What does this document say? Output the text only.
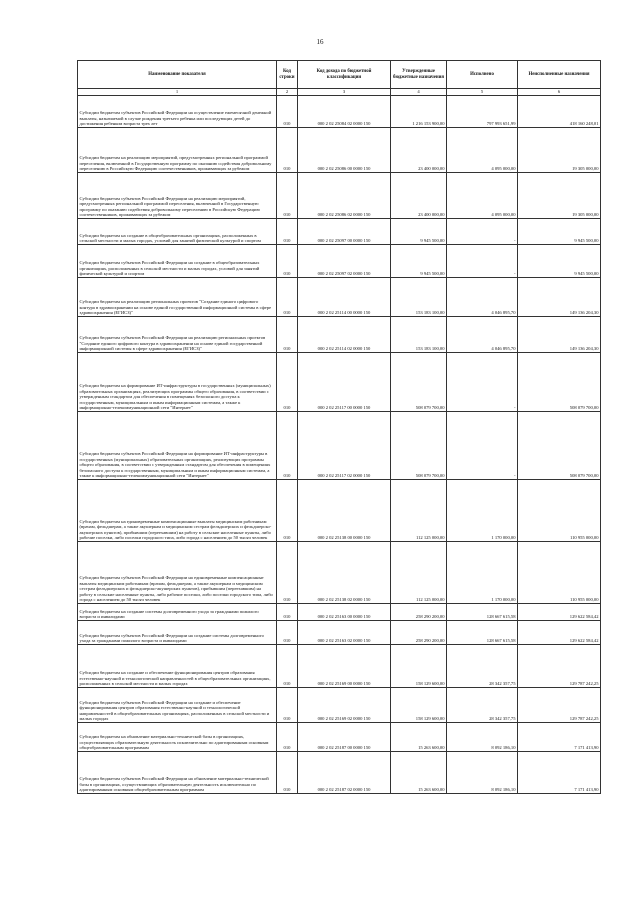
16
Наименование показателя	Код строки	Код дохода по бюджетной классификации	Утвержденные бюджетные назначения	Исполнено	Неисполненные назначения
1	2	3	4	5	6
Субсидии бюджетам субъектов Российской Федерации на осуществление ежемесячной денежной выплаты, назначаемой в случае рождения третьего ребенка или последующих детей до достижения ребенком возраста трех лет	010	000 2 02 25084 02 0000 150	1 216 153 900,00	797 993 651,99	418 160 248,01
Субсидии бюджетам на реализацию мероприятий, предусмотренных региональной программой переселения, включенной в Государственную программу по оказанию содействия добровольному переселению в Российскую Федерацию соотечественников, проживающих за рубежом	010	000 2 02 25086 00 0000 150	23 400 000,00	4 095 000,00	19 305 000,00
Субсидии бюджетам субъектов Российской Федерации на реализацию мероприятий, предусмотренных региональной программой переселения, включенной в Государственную программу по оказанию содействия добровольному переселению в Российскую Федерацию соотечественников, проживающих за рубежом	010	000 2 02 25086 02 0000 150	23 400 000,00	4 095 000,00	19 305 000,00
Субсидии бюджетам на создание в общеобразовательных организациях, расположенных в сельской местности и малых городах, условий для занятий физической культурой и спортом	010	000 2 02 25097 00 0000 150	9 945 500,00	-	9 945 500,00
Субсидии бюджетам субъектов Российской Федерации на создание в общеобразовательных организациях, расположенных в сельской местности и малых городах, условий для занятий физической культурой и спортом	010	000 2 02 25097 02 0000 150	9 945 500,00	-	9 945 500,00
Субсидии бюджетам на реализацию региональных проектов "Создание единого цифрового контура в здравоохранении на основе единой государственной информационной системы в сфере здравоохранения (ЕГИСЗ)"	010	000 2 02 25114 00 0000 150	153 183 100,00	4 046 895,70	149 136 204,30
Субсидии бюджетам субъектов Российской Федерации на реализацию региональных проектов "Создание единого цифрового контура в здравоохранении на основе единой государственной информационной системы в сфере здравоохранения (ЕГИСЗ)"	010	000 2 02 25114 02 0000 150	153 183 100,00	4 046 895,70	149 136 204,30
Субсидии бюджетам на формирование ИТ-инфраструктуры в государственных (муниципальных) образовательных организациях, реализующих программы общего образования, в соответствии с утвержденным стандартом для обеспечения в помещениях безопасного доступа к государственным, муниципальным и иным информационным системам, а также к информационно-телекоммуникационной сети "Интернет"	010	000 2 02 25117 00 0000 150	508 079 700,00	-	508 079 700,00
Субсидии бюджетам субъектов Российской Федерации на формирование ИТ-инфраструктуры в государственных (муниципальных) образовательных организациях, реализующих программы общего образования, в соответствии с утвержденным стандартом для обеспечения в помещениях безопасного доступа к государственным, муниципальным и иным информационным системам, а также к информационно-телекоммуникационной сети "Интернет"	010	000 2 02 25117 02 0000 150	508 079 700,00	-	508 079 700,00
Субсидии бюджетам на единовременные компенсационные выплаты медицинским работникам (врачам, фельдшерам, а также акушеркам и медицинским сестрам фельдшерских и фельдшерско-акушерских пунктов), прибывшим (переехавшим) на работу в сельские населенные пункты, либо рабочие поселки, либо поселки городского типа, либо города с населением до 50 тысяч человек	010	000 2 02 25138 00 0000 150	112 125 000,00	1 170 000,00	110 955 000,00
Субсидии бюджетам субъектов Российской Федерации на единовременные компенсационные выплаты медицинским работникам (врачам, фельдшерам, а также акушеркам и медицинским сестрам фельдшерских и фельдшерско-акушерских пунктов), прибывшим (переехавшим) на работу в сельские населенные пункты, либо рабочие поселки, либо поселки городского типа, либо города с населением до 50 тысяч человек	010	000 2 02 25138 02 0000 150	112 125 000,00	1 170 000,00	110 955 000,00
Субсидии бюджетам на создание системы долговременного ухода за гражданами пожилого возраста и инвалидами	010	000 2 02 25163 00 0000 150	258 290 200,00	128 667 615,58	129 622 584,42
Субсидии бюджетам субъектов Российской Федерации на создание системы долговременного ухода за гражданами пожилого возраста и инвалидами	010	000 2 02 25163 02 0000 150	258 290 200,00	128 667 615,58	129 622 584,42
Субсидии бюджетам на создание и обеспечение функционирования центров образования естественно-научной и технологической направленностей в общеобразовательных организациях, расположенных в сельской местности и малых городах	010	000 2 02 25169 00 0000 150	158 129 600,00	28 342 357,75	129 787 242,25
Субсидии бюджетам субъектов Российской Федерации на создание и обеспечение функционирования центров образования естественно-научной и технологической направленностей в общеобразовательных организациях, расположенных в сельской местности и малых городах	010	000 2 02 25169 02 0000 150	158 129 600,00	28 342 357,75	129 787 242,25
Субсидии бюджетам на обновление материально-технической базы в организациях, осуществляющих образовательную деятельность исключительно по адаптированным основным общеобразовательным программам	010	000 2 02 25187 00 0000 150	15 263 600,00	8 092 186,10	7 171 413,90
Субсидии бюджетам субъектов Российской Федерации на обновление материально-технической базы в организациях, осуществляющих образовательную деятельность исключительно по адаптированным основным общеобразовательным программам	010	000 2 02 25187 02 0000 150	15 263 600,00	8 092 186,10	7 171 413,90
